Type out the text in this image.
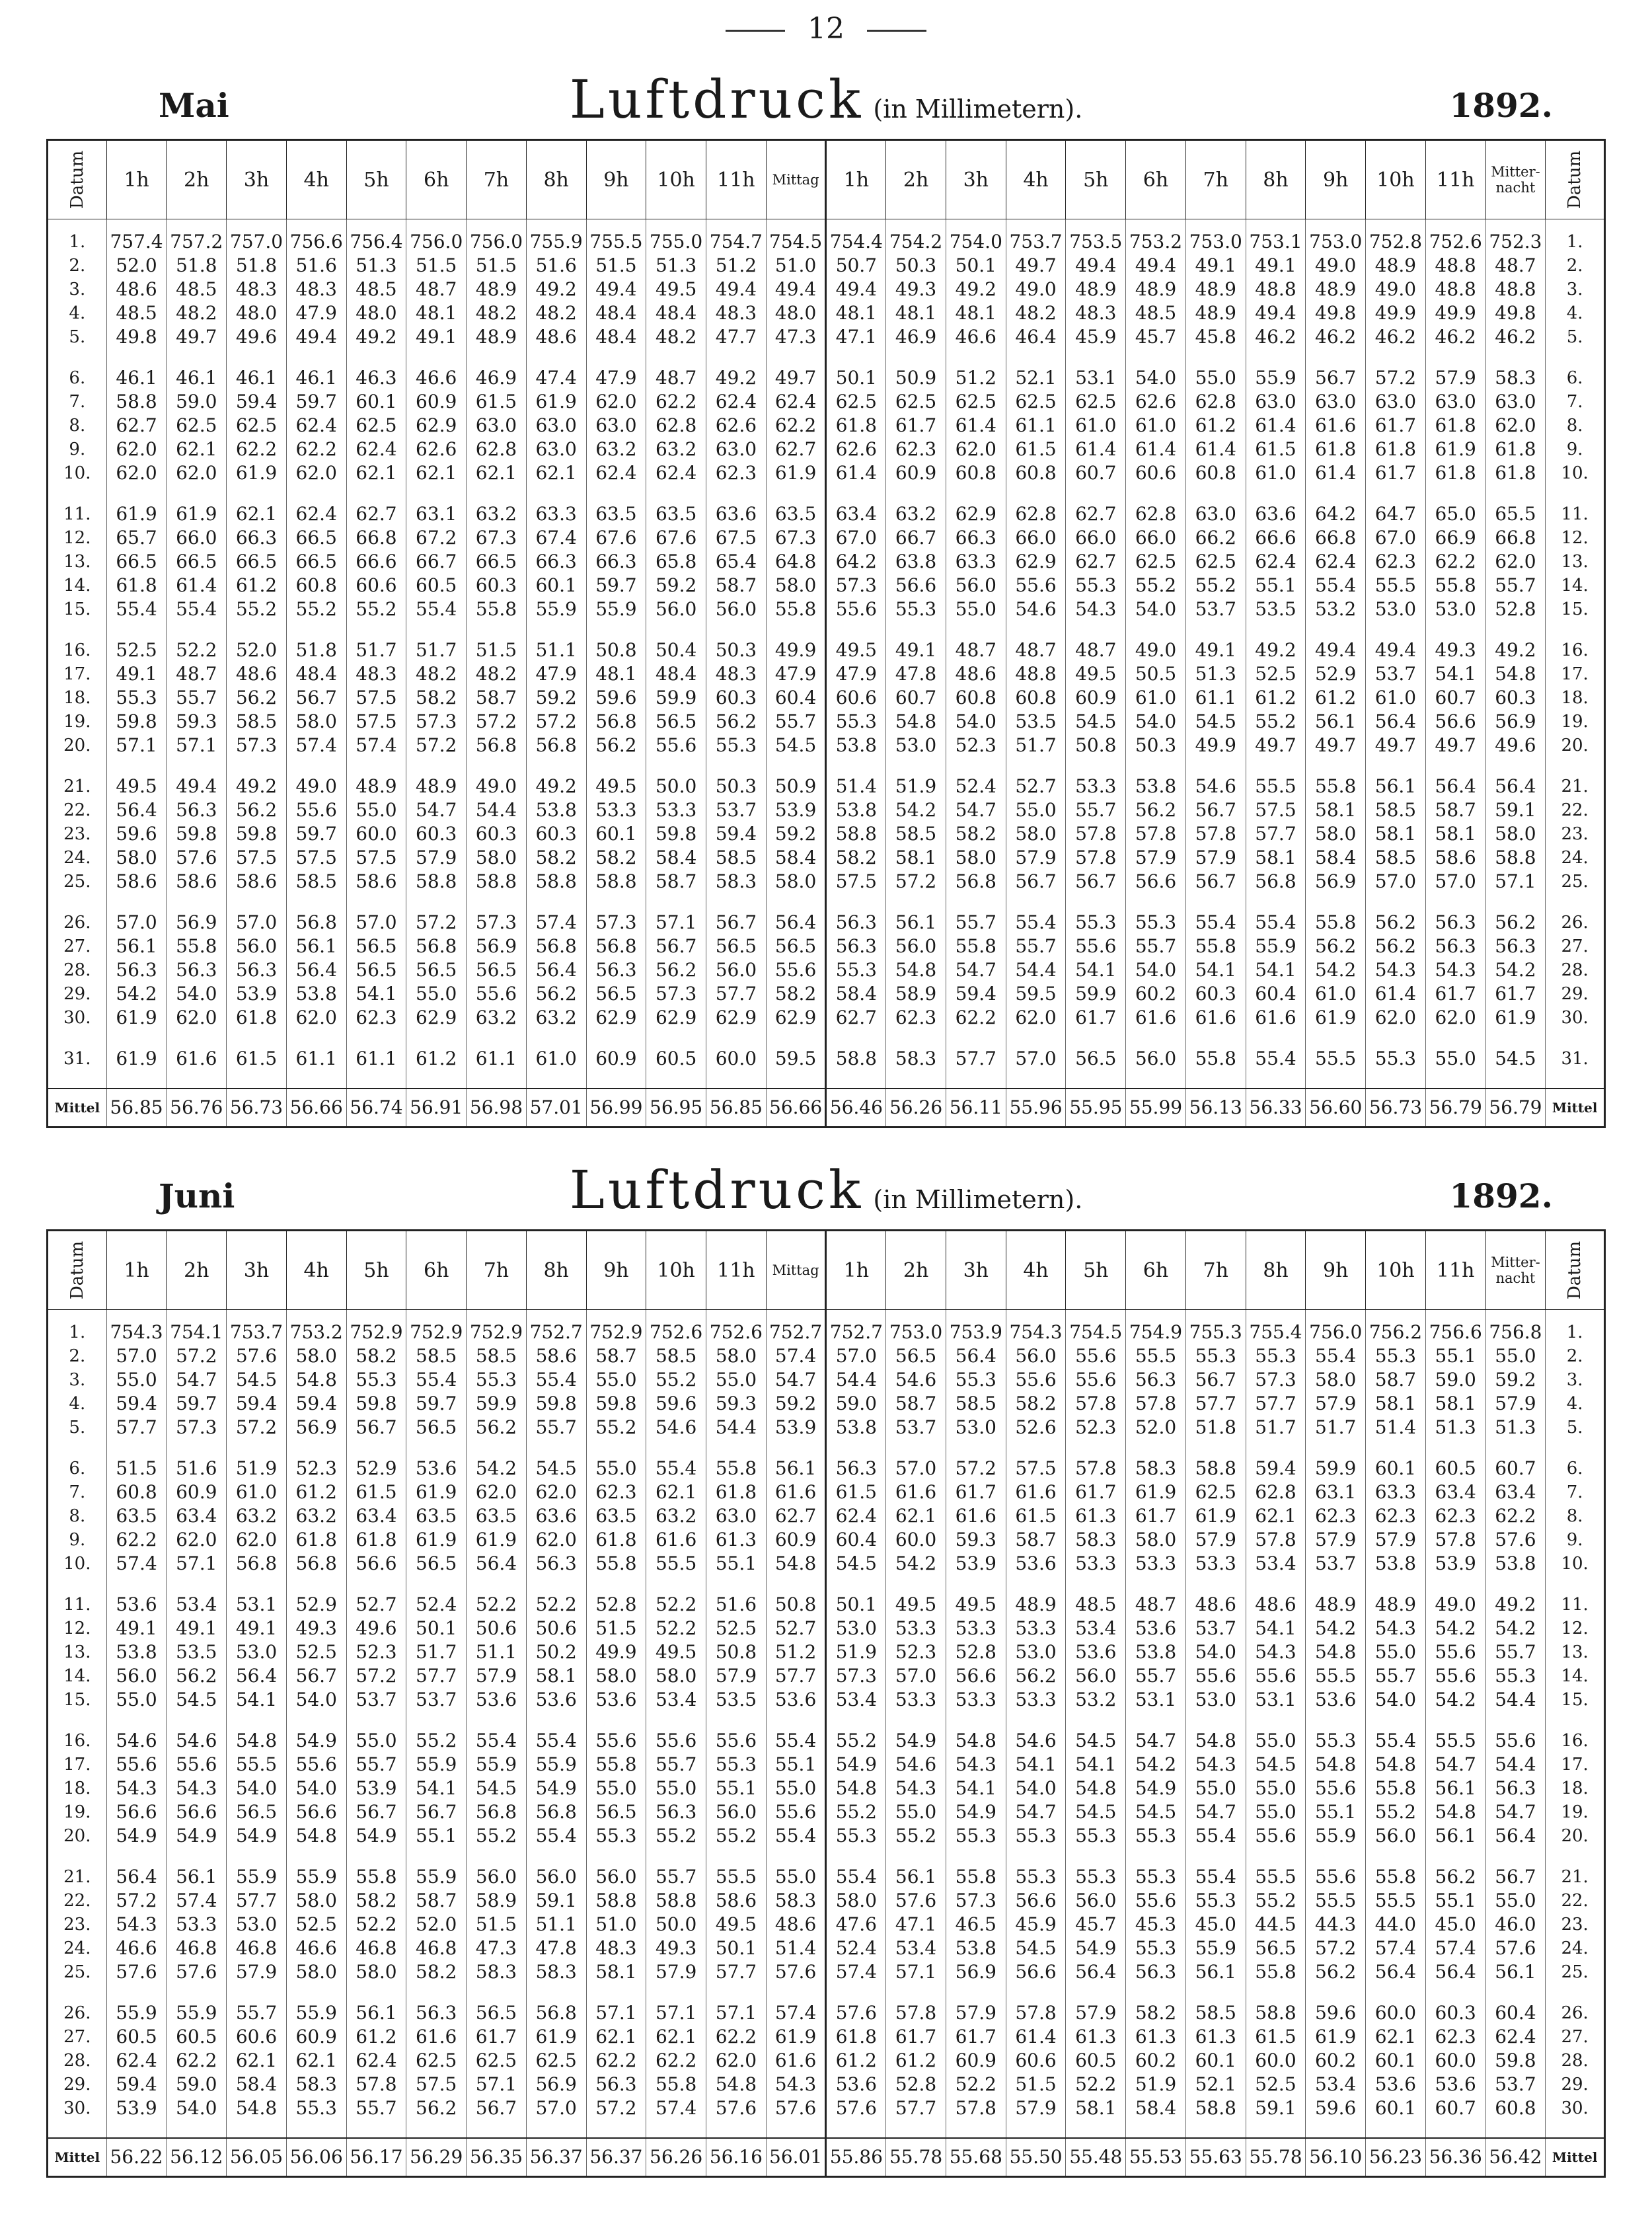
12
Mai	Luftdruck (in Millimetern).	1892.
Datum	1h	2h	3h	4h	5h	6h	7h	8h	9h	10h	11h	Mittag	1h	2h	3h	4h	5h	6h	7h	8h	9h	10h	11h	Mitter-nacht	Datum
1.	757.4	757.2	757.0	756.6	756.4	756.0	756.0	755.9	755.5	755.0	754.7	754.5	754.4	754.2	754.0	753.7	753.5	753.2	753.0	753.1	753.0	752.8	752.6	752.3	1.
2.	52.0	51.8	51.8	51.6	51.3	51.5	51.5	51.6	51.5	51.3	51.2	51.0	50.7	50.3	50.1	49.7	49.4	49.4	49.1	49.1	49.0	48.9	48.8	48.7	2.
3.	48.6	48.5	48.3	48.3	48.5	48.7	48.9	49.2	49.4	49.5	49.4	49.4	49.4	49.3	49.2	49.0	48.9	48.9	48.9	48.8	48.9	49.0	48.8	48.8	3.
4.	48.5	48.2	48.0	47.9	48.0	48.1	48.2	48.2	48.4	48.4	48.3	48.0	48.1	48.1	48.1	48.2	48.3	48.5	48.9	49.4	49.8	49.9	49.9	49.8	4.
5.	49.8	49.7	49.6	49.4	49.2	49.1	48.9	48.6	48.4	48.2	47.7	47.3	47.1	46.9	46.6	46.4	45.9	45.7	45.8	46.2	46.2	46.2	46.2	46.2	5.

6.	46.1	46.1	46.1	46.1	46.3	46.6	46.9	47.4	47.9	48.7	49.2	49.7	50.1	50.9	51.2	52.1	53.1	54.0	55.0	55.9	56.7	57.2	57.9	58.3	6.
7.	58.8	59.0	59.4	59.7	60.1	60.9	61.5	61.9	62.0	62.2	62.4	62.4	62.5	62.5	62.5	62.5	62.5	62.6	62.8	63.0	63.0	63.0	63.0	63.0	7.
8.	62.7	62.5	62.5	62.4	62.5	62.9	63.0	63.0	63.0	62.8	62.6	62.2	61.8	61.7	61.4	61.1	61.0	61.0	61.2	61.4	61.6	61.7	61.8	62.0	8.
9.	62.0	62.1	62.2	62.2	62.4	62.6	62.8	63.0	63.2	63.2	63.0	62.7	62.6	62.3	62.0	61.5	61.4	61.4	61.4	61.5	61.8	61.8	61.9	61.8	9.
10.	62.0	62.0	61.9	62.0	62.1	62.1	62.1	62.1	62.4	62.4	62.3	61.9	61.4	60.9	60.8	60.8	60.7	60.6	60.8	61.0	61.4	61.7	61.8	61.8	10.

11.	61.9	61.9	62.1	62.4	62.7	63.1	63.2	63.3	63.5	63.5	63.6	63.5	63.4	63.2	62.9	62.8	62.7	62.8	63.0	63.6	64.2	64.7	65.0	65.5	11.
12.	65.7	66.0	66.3	66.5	66.8	67.2	67.3	67.4	67.6	67.6	67.5	67.3	67.0	66.7	66.3	66.0	66.0	66.0	66.2	66.6	66.8	67.0	66.9	66.8	12.
13.	66.5	66.5	66.5	66.5	66.6	66.7	66.5	66.3	66.3	65.8	65.4	64.8	64.2	63.8	63.3	62.9	62.7	62.5	62.5	62.4	62.4	62.3	62.2	62.0	13.
14.	61.8	61.4	61.2	60.8	60.6	60.5	60.3	60.1	59.7	59.2	58.7	58.0	57.3	56.6	56.0	55.6	55.3	55.2	55.2	55.1	55.4	55.5	55.8	55.7	14.
15.	55.4	55.4	55.2	55.2	55.2	55.4	55.8	55.9	55.9	56.0	56.0	55.8	55.6	55.3	55.0	54.6	54.3	54.0	53.7	53.5	53.2	53.0	53.0	52.8	15.

16.	52.5	52.2	52.0	51.8	51.7	51.7	51.5	51.1	50.8	50.4	50.3	49.9	49.5	49.1	48.7	48.7	48.7	49.0	49.1	49.2	49.4	49.4	49.3	49.2	16.
17.	49.1	48.7	48.6	48.4	48.3	48.2	48.2	47.9	48.1	48.4	48.3	47.9	47.9	47.8	48.6	48.8	49.5	50.5	51.3	52.5	52.9	53.7	54.1	54.8	17.
18.	55.3	55.7	56.2	56.7	57.5	58.2	58.7	59.2	59.6	59.9	60.3	60.4	60.6	60.7	60.8	60.8	60.9	61.0	61.1	61.2	61.2	61.0	60.7	60.3	18.
19.	59.8	59.3	58.5	58.0	57.5	57.3	57.2	57.2	56.8	56.5	56.2	55.7	55.3	54.8	54.0	53.5	54.5	54.0	54.5	55.2	56.1	56.4	56.6	56.9	19.
20.	57.1	57.1	57.3	57.4	57.4	57.2	56.8	56.8	56.2	55.6	55.3	54.5	53.8	53.0	52.3	51.7	50.8	50.3	49.9	49.7	49.7	49.7	49.7	49.6	20.

21.	49.5	49.4	49.2	49.0	48.9	48.9	49.0	49.2	49.5	50.0	50.3	50.9	51.4	51.9	52.4	52.7	53.3	53.8	54.6	55.5	55.8	56.1	56.4	56.4	21.
22.	56.4	56.3	56.2	55.6	55.0	54.7	54.4	53.8	53.3	53.3	53.7	53.9	53.8	54.2	54.7	55.0	55.7	56.2	56.7	57.5	58.1	58.5	58.7	59.1	22.
23.	59.6	59.8	59.8	59.7	60.0	60.3	60.3	60.3	60.1	59.8	59.4	59.2	58.8	58.5	58.2	58.0	57.8	57.8	57.8	57.7	58.0	58.1	58.1	58.0	23.
24.	58.0	57.6	57.5	57.5	57.5	57.9	58.0	58.2	58.2	58.4	58.5	58.4	58.2	58.1	58.0	57.9	57.8	57.9	57.9	58.1	58.4	58.5	58.6	58.8	24.
25.	58.6	58.6	58.6	58.5	58.6	58.8	58.8	58.8	58.8	58.7	58.3	58.0	57.5	57.2	56.8	56.7	56.7	56.6	56.7	56.8	56.9	57.0	57.0	57.1	25.

26.	57.0	56.9	57.0	56.8	57.0	57.2	57.3	57.4	57.3	57.1	56.7	56.4	56.3	56.1	55.7	55.4	55.3	55.3	55.4	55.4	55.8	56.2	56.3	56.2	26.
27.	56.1	55.8	56.0	56.1	56.5	56.8	56.9	56.8	56.8	56.7	56.5	56.5	56.3	56.0	55.8	55.7	55.6	55.7	55.8	55.9	56.2	56.2	56.3	56.3	27.
28.	56.3	56.3	56.3	56.4	56.5	56.5	56.5	56.4	56.3	56.2	56.0	55.6	55.3	54.8	54.7	54.4	54.1	54.0	54.1	54.1	54.2	54.3	54.3	54.2	28.
29.	54.2	54.0	53.9	53.8	54.1	55.0	55.6	56.2	56.5	57.3	57.7	58.2	58.4	58.9	59.4	59.5	59.9	60.2	60.3	60.4	61.0	61.4	61.7	61.7	29.
30.	61.9	62.0	61.8	62.0	62.3	62.9	63.2	63.2	62.9	62.9	62.9	62.9	62.7	62.3	62.2	62.0	61.7	61.6	61.6	61.6	61.9	62.0	62.0	61.9	30.

31.	61.9	61.6	61.5	61.1	61.1	61.2	61.1	61.0	60.9	60.5	60.0	59.5	58.8	58.3	57.7	57.0	56.5	56.0	55.8	55.4	55.5	55.3	55.0	54.5	31.

Mittel	56.85	56.76	56.73	56.66	56.74	56.91	56.98	57.01	56.99	56.95	56.85	56.66	56.46	56.26	56.11	55.96	55.95	55.99	56.13	56.33	56.60	56.73	56.79	56.79	Mittel
Juni	Luftdruck (in Millimetern).	1892.
Datum	1h	2h	3h	4h	5h	6h	7h	8h	9h	10h	11h	Mittag	1h	2h	3h	4h	5h	6h	7h	8h	9h	10h	11h	Mitter-nacht	Datum
1.	754.3	754.1	753.7	753.2	752.9	752.9	752.9	752.7	752.9	752.6	752.6	752.7	752.7	753.0	753.9	754.3	754.5	754.9	755.3	755.4	756.0	756.2	756.6	756.8	1.
2.	57.0	57.2	57.6	58.0	58.2	58.5	58.5	58.6	58.7	58.5	58.0	57.4	57.0	56.5	56.4	56.0	55.6	55.5	55.3	55.3	55.4	55.3	55.1	55.0	2.
3.	55.0	54.7	54.5	54.8	55.3	55.4	55.3	55.4	55.0	55.2	55.0	54.7	54.4	54.6	55.3	55.6	55.6	56.3	56.7	57.3	58.0	58.7	59.0	59.2	3.
4.	59.4	59.7	59.4	59.4	59.8	59.7	59.9	59.8	59.8	59.6	59.3	59.2	59.0	58.7	58.5	58.2	57.8	57.8	57.7	57.7	57.9	58.1	58.1	57.9	4.
5.	57.7	57.3	57.2	56.9	56.7	56.5	56.2	55.7	55.2	54.6	54.4	53.9	53.8	53.7	53.0	52.6	52.3	52.0	51.8	51.7	51.7	51.4	51.3	51.3	5.

6.	51.5	51.6	51.9	52.3	52.9	53.6	54.2	54.5	55.0	55.4	55.8	56.1	56.3	57.0	57.2	57.5	57.8	58.3	58.8	59.4	59.9	60.1	60.5	60.7	6.
7.	60.8	60.9	61.0	61.2	61.5	61.9	62.0	62.0	62.3	62.1	61.8	61.6	61.5	61.6	61.7	61.6	61.7	61.9	62.5	62.8	63.1	63.3	63.4	63.4	7.
8.	63.5	63.4	63.2	63.2	63.4	63.5	63.5	63.6	63.5	63.2	63.0	62.7	62.4	62.1	61.6	61.5	61.3	61.7	61.9	62.1	62.3	62.3	62.3	62.2	8.
9.	62.2	62.0	62.0	61.8	61.8	61.9	61.9	62.0	61.8	61.6	61.3	60.9	60.4	60.0	59.3	58.7	58.3	58.0	57.9	57.8	57.9	57.9	57.8	57.6	9.
10.	57.4	57.1	56.8	56.8	56.6	56.5	56.4	56.3	55.8	55.5	55.1	54.8	54.5	54.2	53.9	53.6	53.3	53.3	53.3	53.4	53.7	53.8	53.9	53.8	10.

11.	53.6	53.4	53.1	52.9	52.7	52.4	52.2	52.2	52.8	52.2	51.6	50.8	50.1	49.5	49.5	48.9	48.5	48.7	48.6	48.6	48.9	48.9	49.0	49.2	11.
12.	49.1	49.1	49.1	49.3	49.6	50.1	50.6	50.6	51.5	52.2	52.5	52.7	53.0	53.3	53.3	53.3	53.4	53.6	53.7	54.1	54.2	54.3	54.2	54.2	12.
13.	53.8	53.5	53.0	52.5	52.3	51.7	51.1	50.2	49.9	49.5	50.8	51.2	51.9	52.3	52.8	53.0	53.6	53.8	54.0	54.3	54.8	55.0	55.6	55.7	13.
14.	56.0	56.2	56.4	56.7	57.2	57.7	57.9	58.1	58.0	58.0	57.9	57.7	57.3	57.0	56.6	56.2	56.0	55.7	55.6	55.6	55.5	55.7	55.6	55.3	14.
15.	55.0	54.5	54.1	54.0	53.7	53.7	53.6	53.6	53.6	53.4	53.5	53.6	53.4	53.3	53.3	53.3	53.2	53.1	53.0	53.1	53.6	54.0	54.2	54.4	15.

16.	54.6	54.6	54.8	54.9	55.0	55.2	55.4	55.4	55.6	55.6	55.6	55.4	55.2	54.9	54.8	54.6	54.5	54.7	54.8	55.0	55.3	55.4	55.5	55.6	16.
17.	55.6	55.6	55.5	55.6	55.7	55.9	55.9	55.9	55.8	55.7	55.3	55.1	54.9	54.6	54.3	54.1	54.1	54.2	54.3	54.5	54.8	54.8	54.7	54.4	17.
18.	54.3	54.3	54.0	54.0	53.9	54.1	54.5	54.9	55.0	55.0	55.1	55.0	54.8	54.3	54.1	54.0	54.8	54.9	55.0	55.0	55.6	55.8	56.1	56.3	18.
19.	56.6	56.6	56.5	56.6	56.7	56.7	56.8	56.8	56.5	56.3	56.0	55.6	55.2	55.0	54.9	54.7	54.5	54.5	54.7	55.0	55.1	55.2	54.8	54.7	19.
20.	54.9	54.9	54.9	54.8	54.9	55.1	55.2	55.4	55.3	55.2	55.2	55.4	55.3	55.2	55.3	55.3	55.3	55.3	55.4	55.6	55.9	56.0	56.1	56.4	20.

21.	56.4	56.1	55.9	55.9	55.8	55.9	56.0	56.0	56.0	55.7	55.5	55.0	55.4	56.1	55.8	55.3	55.3	55.3	55.4	55.5	55.6	55.8	56.2	56.7	21.
22.	57.2	57.4	57.7	58.0	58.2	58.7	58.9	59.1	58.8	58.8	58.6	58.3	58.0	57.6	57.3	56.6	56.0	55.6	55.3	55.2	55.5	55.5	55.1	55.0	22.
23.	54.3	53.3	53.0	52.5	52.2	52.0	51.5	51.1	51.0	50.0	49.5	48.6	47.6	47.1	46.5	45.9	45.7	45.3	45.0	44.5	44.3	44.0	45.0	46.0	23.
24.	46.6	46.8	46.8	46.6	46.8	46.8	47.3	47.8	48.3	49.3	50.1	51.4	52.4	53.4	53.8	54.5	54.9	55.3	55.9	56.5	57.2	57.4	57.4	57.6	24.
25.	57.6	57.6	57.9	58.0	58.0	58.2	58.3	58.3	58.1	57.9	57.7	57.6	57.4	57.1	56.9	56.6	56.4	56.3	56.1	55.8	56.2	56.4	56.4	56.1	25.

26.	55.9	55.9	55.7	55.9	56.1	56.3	56.5	56.8	57.1	57.1	57.1	57.4	57.6	57.8	57.9	57.8	57.9	58.2	58.5	58.8	59.6	60.0	60.3	60.4	26.
27.	60.5	60.5	60.6	60.9	61.2	61.6	61.7	61.9	62.1	62.1	62.2	61.9	61.8	61.7	61.7	61.4	61.3	61.3	61.3	61.5	61.9	62.1	62.3	62.4	27.
28.	62.4	62.2	62.1	62.1	62.4	62.5	62.5	62.5	62.2	62.2	62.0	61.6	61.2	61.2	60.9	60.6	60.5	60.2	60.1	60.0	60.2	60.1	60.0	59.8	28.
29.	59.4	59.0	58.4	58.3	57.8	57.5	57.1	56.9	56.3	55.8	54.8	54.3	53.6	52.8	52.2	51.5	52.2	51.9	52.1	52.5	53.4	53.6	53.6	53.7	29.
30.	53.9	54.0	54.8	55.3	55.7	56.2	56.7	57.0	57.2	57.4	57.6	57.6	57.6	57.7	57.8	57.9	58.1	58.4	58.8	59.1	59.6	60.1	60.7	60.8	30.

Mittel	56.22	56.12	56.05	56.06	56.17	56.29	56.35	56.37	56.37	56.26	56.16	56.01	55.86	55.78	55.68	55.50	55.48	55.53	55.63	55.78	56.10	56.23	56.36	56.42	Mittel
